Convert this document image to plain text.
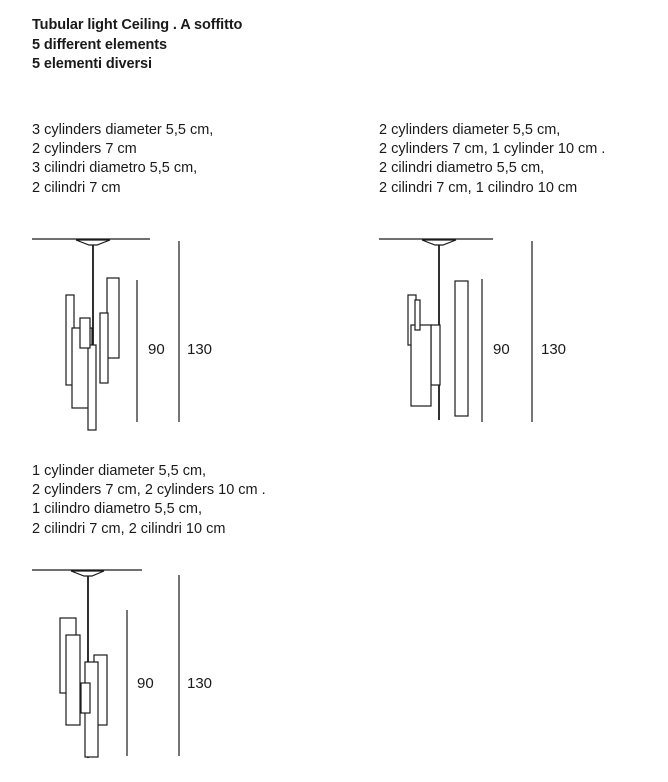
Tubular light Ceiling . A soffitto
5 different elements
5 elementi diversi
3 cylinders diameter 5,5 cm,
2 cylinders 7 cm
3 cilindri diametro 5,5 cm,
2 cilindri 7 cm
2 cylinders diameter 5,5 cm,
2 cylinders 7 cm, 1 cylinder 10 cm .
2 cilindri diametro 5,5 cm,
2 cilindri 7 cm, 1 cilindro 10 cm
1 cylinder diameter 5,5 cm,
2 cylinders 7 cm, 2 cylinders 10 cm .
1 cilindro diametro 5,5 cm,
2 cilindri 7 cm, 2 cilindri 10 cm
90 130	90 130
90 130
